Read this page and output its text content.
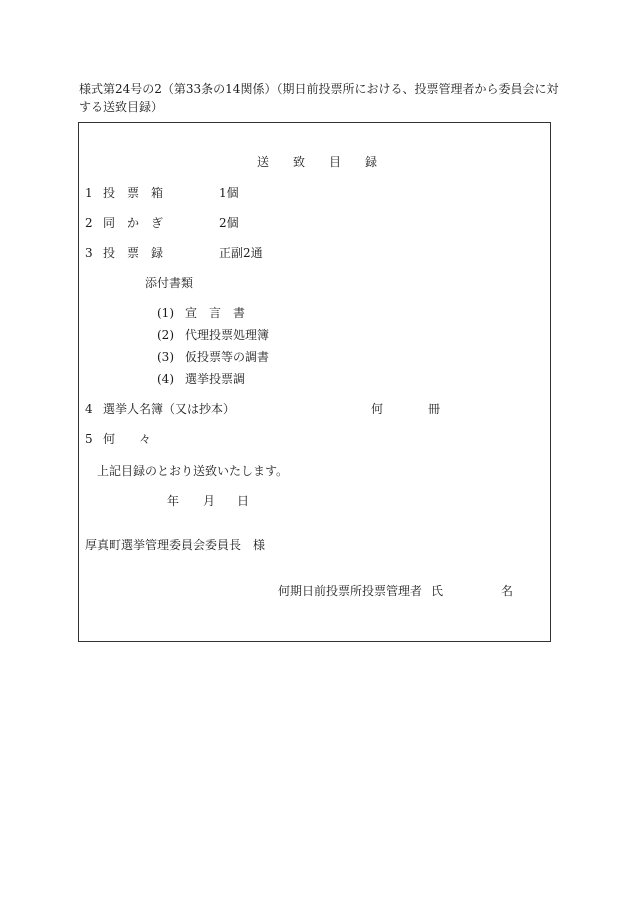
様式第24号の2（第33条の14関係）（期日前投票所における、投票管理者から委員会に対する送致目録）
送　　致　　目　　録
1 投　票　箱	1個
2 同　か　ぎ	2個
3 投　票　録	正副2通
添付書類
(1) 宣　言　書
(2) 代理投票処理簿
(3) 仮投票等の調書
(4) 選挙投票調
4 選挙人名簿（又は抄本）	何	冊
5 何　　々
上記目録のとおり送致いたします。
年 月 日
厚真町選挙管理委員会委員長　様
何期日前投票所投票管理者 氏	名
